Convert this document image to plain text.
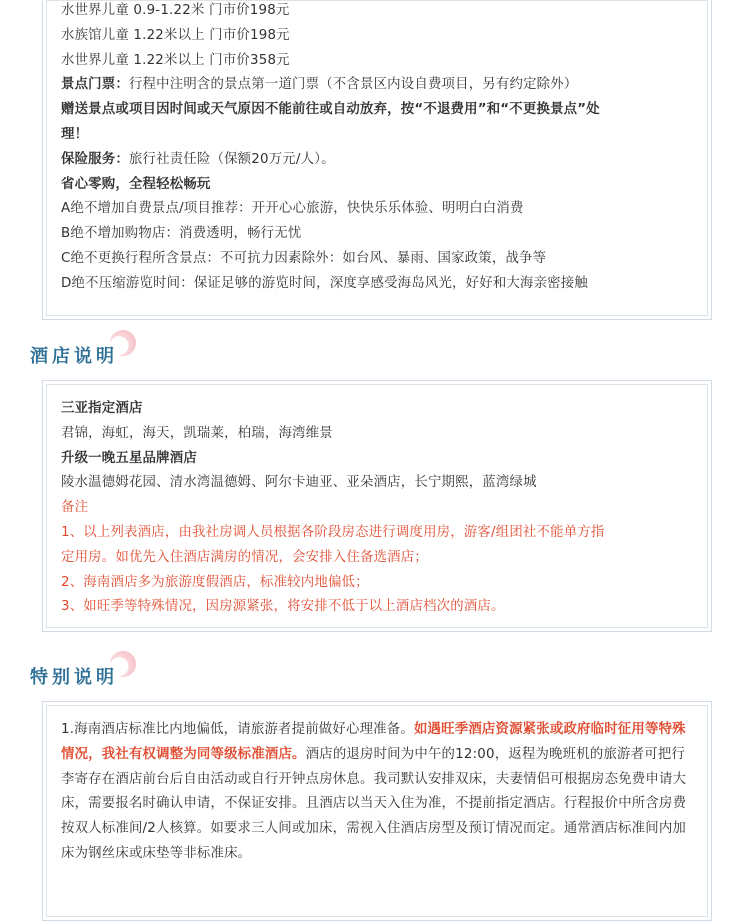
水世界儿童 0.9-1.22米 门市价198元
水族馆儿童 1.22米以上 门市价198元
水世界儿童 1.22米以上 门市价358元
景点门票：行程中注明含的景点第一道门票（不含景区内设自费项目，另有约定除外）
赠送景点或项目因时间或天气原因不能前往或自动放弃，按“不退费用”和“不更换景点”处
理！
保险服务：旅行社责任险（保额20万元/人）。
省心零购，全程轻松畅玩
A绝不增加自费景点/项目推荐：开开心心旅游，快快乐乐体验、明明白白消费
B绝不增加购物店：消费透明，畅行无忧
C绝不更换行程所含景点：不可抗力因素除外：如台风、暴雨、国家政策，战争等
D绝不压缩游览时间：保证足够的游览时间，深度享感受海岛风光，好好和大海亲密接触
酒店说明
三亚指定酒店
君锦，海虹，海天，凯瑞莱，柏瑞，海湾维景
升级一晚五星品牌酒店
陵水温德姆花园、清水湾温德姆、阿尔卡迪亚、亚朵酒店，长宁期熙，蓝湾绿城
备注
1、以上列表酒店，由我社房调人员根据各阶段房态进行调度用房，游客/组团社不能单方指
定用房。如优先入住酒店满房的情况，会安排入住备选酒店；
2、海南酒店多为旅游度假酒店，标准较内地偏低；
3、如旺季等特殊情况，因房源紧张，将安排不低于以上酒店档次的酒店。
特别说明
1.海南酒店标准比内地偏低，请旅游者提前做好心理准备。如遇旺季酒店资源紧张或政府临时征用等特殊情况，我社有权调整为同等级标准酒店。酒店的退房时间为中午的12:00，返程为晚班机的旅游者可把行李寄存在酒店前台后自由活动或自行开钟点房休息。我司默认安排双床，夫妻情侣可根据房态免费申请大床，需要报名时确认申请，不保证安排。且酒店以当天入住为准，不提前指定酒店。行程报价中所含房费按双人标准间/2人核算。如要求三人间或加床，需视入住酒店房型及预订情况而定。通常酒店标准间内加床为钢丝床或床垫等非标准床。
